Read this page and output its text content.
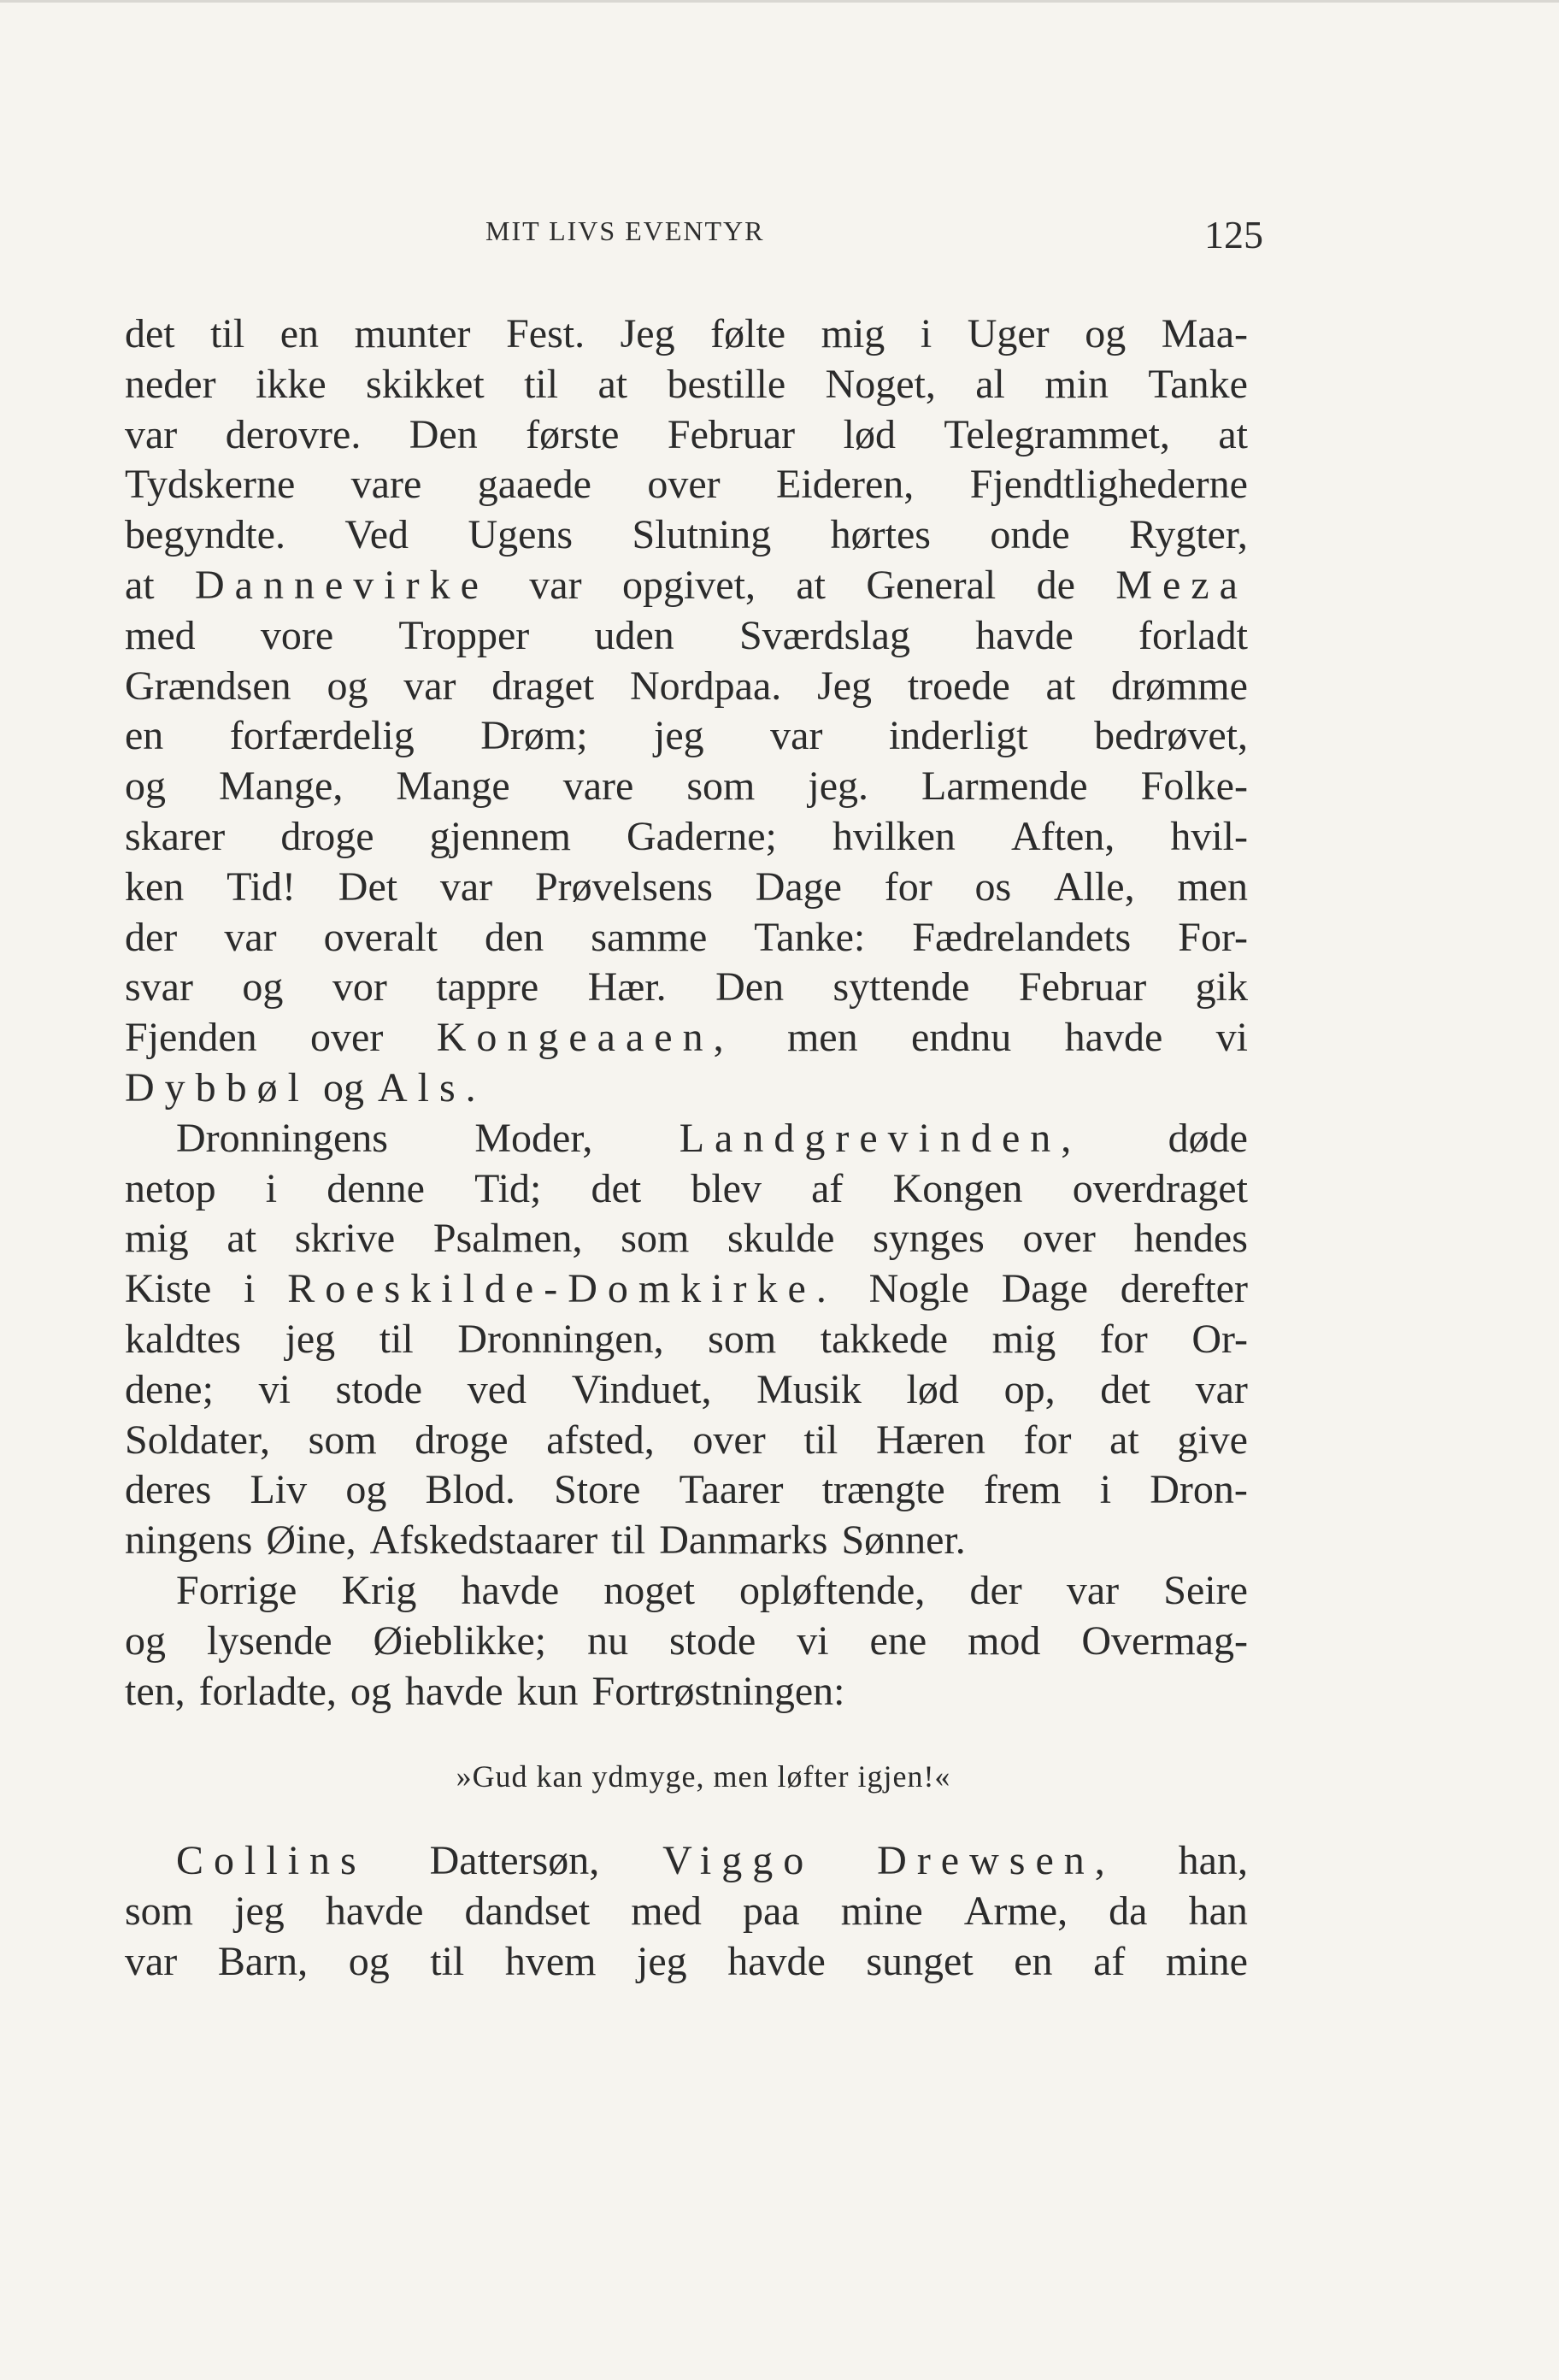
MIT LIVS EVENTYR	125
det til en munter Fest. Jeg følte mig i Uger og Maa-
neder ikke skikket til at bestille Noget, al min Tanke
var derovre. Den første Februar lød Telegrammet, at
Tydskerne vare gaaede over Eideren, Fjendtlighederne
begyndte. Ved Ugens Slutning hørtes onde Rygter,
at Dannevirke var opgivet, at General de Meza
med vore Tropper uden Sværdslag havde forladt
Grændsen og var draget Nordpaa. Jeg troede at drømme
en forfærdelig Drøm; jeg var inderligt bedrøvet,
og Mange, Mange vare som jeg. Larmende Folke-
skarer droge gjennem Gaderne; hvilken Aften, hvil-
ken Tid! Det var Prøvelsens Dage for os Alle, men
der var overalt den samme Tanke: Fædrelandets For-
svar og vor tappre Hær. Den syttende Februar gik
Fjenden over Kongeaaen, men endnu havde vi
Dybbøl og Als.
Dronningens Moder, Landgrevinden, døde
netop i denne Tid; det blev af Kongen overdraget
mig at skrive Psalmen, som skulde synges over hendes
Kiste i Roeskilde-Domkirke. Nogle Dage derefter
kaldtes jeg til Dronningen, som takkede mig for Or-
dene; vi stode ved Vinduet, Musik lød op, det var
Soldater, som droge afsted, over til Hæren for at give
deres Liv og Blod. Store Taarer trængte frem i Dron-
ningens Øine, Afskedstaarer til Danmarks Sønner.
Forrige Krig havde noget opløftende, der var Seire
og lysende Øieblikke; nu stode vi ene mod Overmag-
ten, forladte, og havde kun Fortrøstningen:
»Gud kan ydmyge, men løfter igjen!«
Collins Dattersøn, Viggo Drewsen, han,
som jeg havde dandset med paa mine Arme, da han
var Barn, og til hvem jeg havde sunget en af mine
